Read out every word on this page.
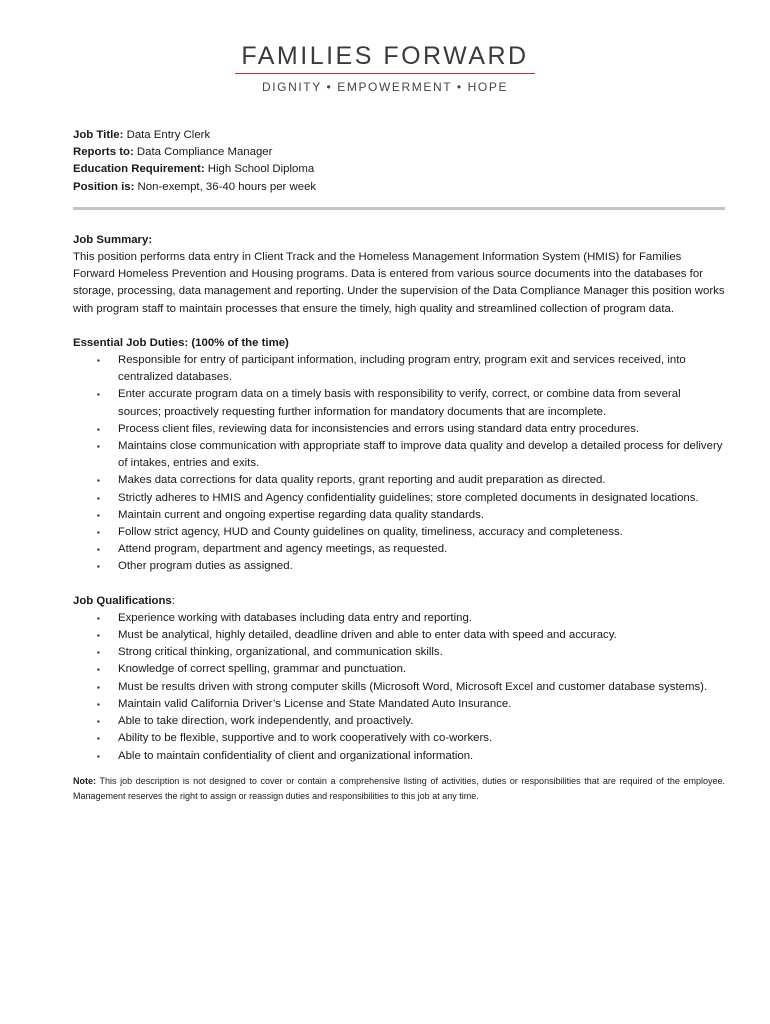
FAMILIES FORWARD
DIGNITY • EMPOWERMENT • HOPE
Job Title: Data Entry Clerk
Reports to: Data Compliance Manager
Education Requirement: High School Diploma
Position is: Non-exempt, 36-40 hours per week
Job Summary:

This position performs data entry in Client Track and the Homeless Management Information System (HMIS) for Families Forward Homeless Prevention and Housing programs. Data is entered from various source documents into the databases for storage, processing, data management and reporting. Under the supervision of the Data Compliance Manager this position works with program staff to maintain processes that ensure the timely, high quality and streamlined collection of program data.

Essential Job Duties: (100% of the time)
▪ Responsible for entry of participant information, including program entry, program exit and services received, into centralized databases.
▪ Enter accurate program data on a timely basis with responsibility to verify, correct, or combine data from several sources; proactively requesting further information for mandatory documents that are incomplete.
▪ Process client files, reviewing data for inconsistencies and errors using standard data entry procedures.
▪ Maintains close communication with appropriate staff to improve data quality and develop a detailed process for delivery of intakes, entries and exits.
▪ Makes data corrections for data quality reports, grant reporting and audit preparation as directed.
▪ Strictly adheres to HMIS and Agency confidentiality guidelines; store completed documents in designated locations.
▪ Maintain current and ongoing expertise regarding data quality standards.
▪ Follow strict agency, HUD and County guidelines on quality, timeliness, accuracy and completeness.
▪ Attend program, department and agency meetings, as requested.
▪ Other program duties as assigned.
Job Qualifications:
▪ Experience working with databases including data entry and reporting.
▪ Must be analytical, highly detailed, deadline driven and able to enter data with speed and accuracy.
▪ Strong critical thinking, organizational, and communication skills.
▪ Knowledge of correct spelling, grammar and punctuation.
▪ Must be results driven with strong computer skills (Microsoft Word, Microsoft Excel and customer database systems).
▪ Maintain valid California Driver’s License and State Mandated Auto Insurance.
▪ Able to take direction, work independently, and proactively.
▪ Ability to be flexible, supportive and to work cooperatively with co-workers.
▪ Able to maintain confidentiality of client and organizational information.
Note: This job description is not designed to cover or contain a comprehensive listing of activities, duties or responsibilities that are required of the employee. Management reserves the right to assign or reassign duties and responsibilities to this job at any time.
